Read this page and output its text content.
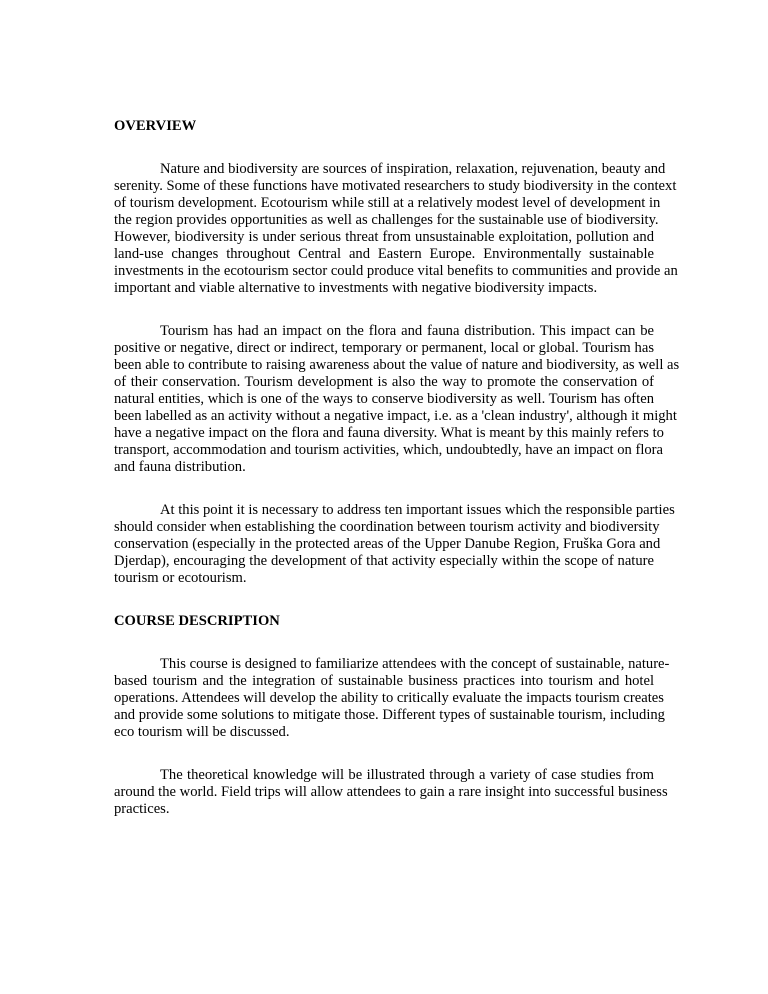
OVERVIEW
Nature and biodiversity are sources of inspiration, relaxation, rejuvenation, beauty and
serenity. Some of these functions have motivated researchers to study biodiversity in the context
of tourism development. Ecotourism while still at a relatively modest level of development in
the region provides opportunities as well as challenges for the sustainable use of biodiversity.
However, biodiversity is under serious threat from unsustainable exploitation, pollution and
land-use changes throughout Central and Eastern Europe. Environmentally sustainable
investments in the ecotourism sector could produce vital benefits to communities and provide an
important and viable alternative to investments with negative biodiversity impacts.
Tourism has had an impact on the flora and fauna distribution. This impact can be
positive or negative, direct or indirect, temporary or permanent, local or global. Tourism has
been able to contribute to raising awareness about the value of nature and biodiversity, as well as
of their conservation. Tourism development is also the way to promote the conservation of
natural entities, which is one of the ways to conserve biodiversity as well. Tourism has often
been labelled as an activity without a negative impact, i.e. as a 'clean industry', although it might
have a negative impact on the flora and fauna diversity. What is meant by this mainly refers to
transport, accommodation and tourism activities, which, undoubtedly, have an impact on flora
and fauna distribution.
At this point it is necessary to address ten important issues which the responsible parties
should consider when establishing the coordination between tourism activity and biodiversity
conservation (especially in the protected areas of the Upper Danube Region, Fruška Gora and
Djerdap), encouraging the development of that activity especially within the scope of nature
tourism or ecotourism.
COURSE DESCRIPTION
This course is designed to familiarize attendees with the concept of sustainable, nature-
based tourism and the integration of sustainable business practices into tourism and hotel
operations. Attendees will develop the ability to critically evaluate the impacts tourism creates
and provide some solutions to mitigate those. Different types of sustainable tourism, including
eco tourism will be discussed.
The theoretical knowledge will be illustrated through a variety of case studies from
around the world. Field trips will allow attendees to gain a rare insight into successful business
practices.
